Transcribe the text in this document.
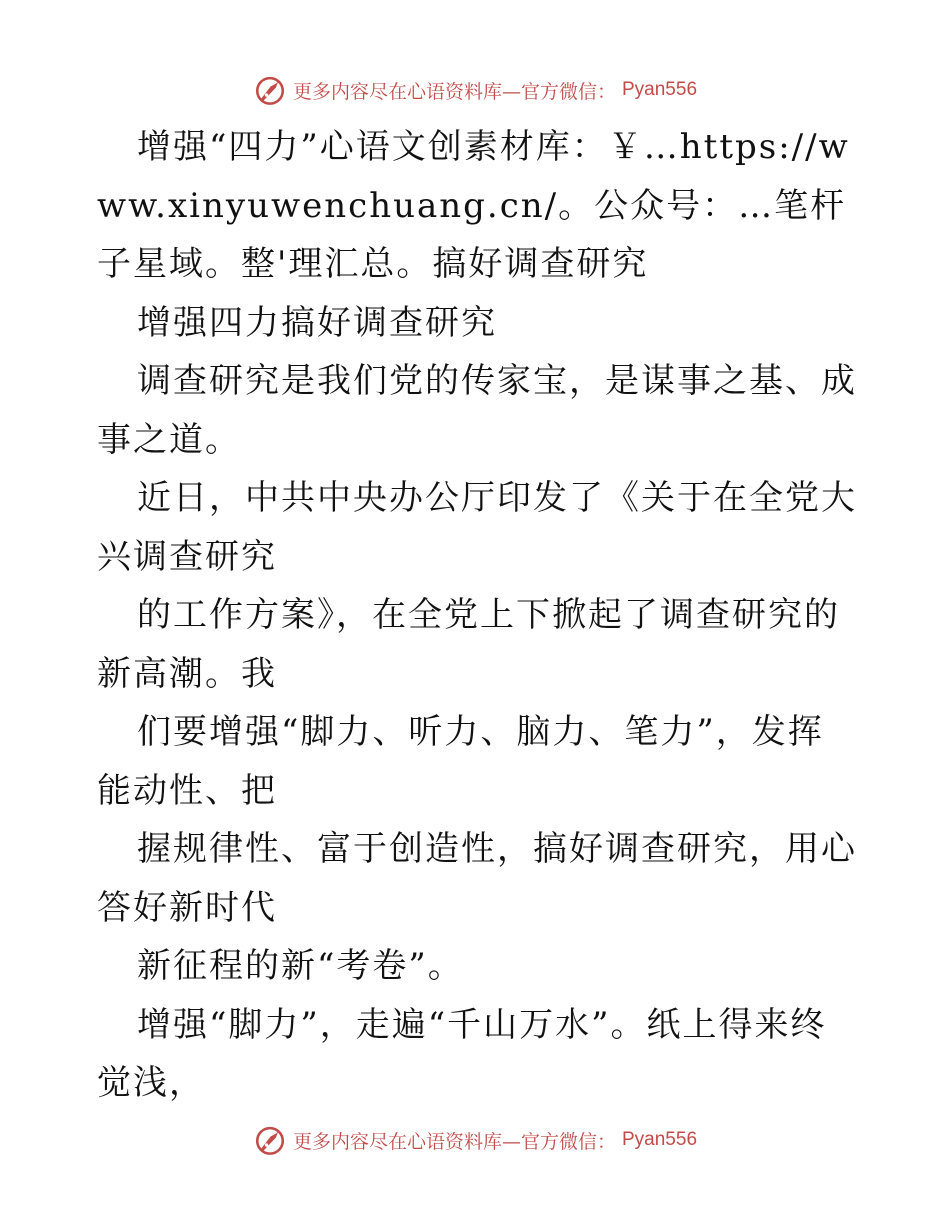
更多内容尽在心语资料库—官方微信： Pyan556

增强“四力”心语文创素材库：￥…https://www.xinyuwenchuang.cn/。公众号：…笔杆子星域。整'理汇总。搞好调查研究

增强四力搞好调查研究

调查研究是我们党的传家宝，是谋事之基、成事之道。

近日，中共中央办公厅印发了《关于在全党大兴调查研究

的工作方案》，在全党上下掀起了调查研究的新高潮。我

们要增强“脚力、听力、脑力、笔力”，发挥能动性、把

握规律性、富于创造性，搞好调查研究，用心答好新时代

新征程的新“考卷”。

增强“脚力”，走遍“千山万水”。纸上得来终觉浅，

更多内容尽在心语资料库—官方微信： Pyan556
